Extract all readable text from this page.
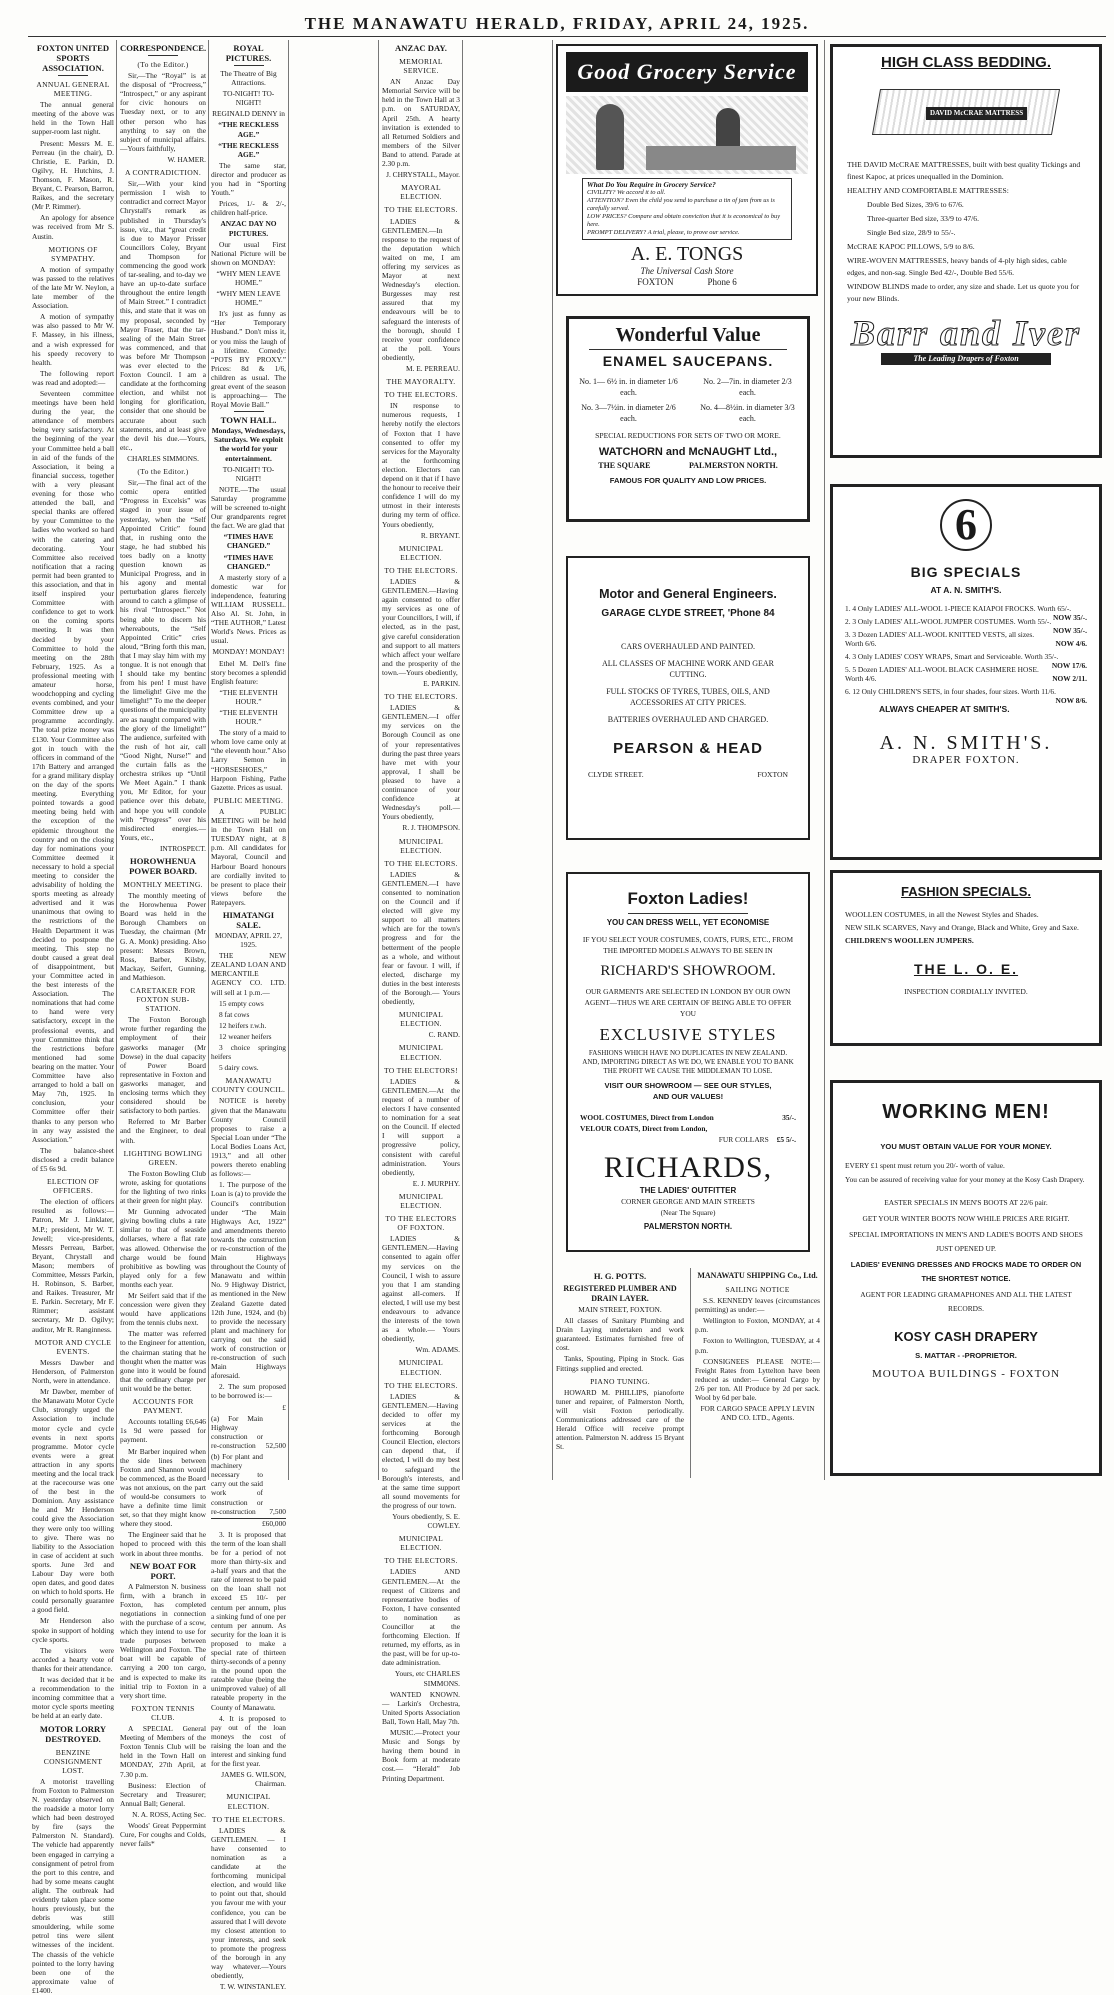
THE MANAWATU HERALD, FRIDAY, APRIL 24, 1925.
FOXTON UNITED SPORTS ASSOCIATION.
ANNUAL GENERAL MEETING.

The annual general meeting of the above was held in the Town Hall supper-room last night.

Present: Messrs M. E. Perreau (in the chair), D. Christie, E. Parkin, D. Ogilvy, H. Hutchins, J. Thomson, F. Mason, R. Bryant, C. Pearson, Barron, Raikes, and the secretary (Mr P. Rimmer).

An apology for absence was received from Mr S. Austin.

MOTIONS OF SYMPATHY.

A motion of sympathy was passed to the relatives of the late Mr W. Neylon, a late member of the Association.

A motion of sympathy was also passed to Mr W. F. Massey, in his illness, and a wish expressed for his speedy recovery to health.

The following report was read and adopted:—

Seventeen committee meetings have been held during the year, the attendance of members being very satisfactory. At the beginning of the year your Committee held a ball in aid of the funds of the Association, it being a financial success, together with a very pleasant evening for those who attended the ball, and special thanks are offered by your Committee to the ladies who worked so hard with the catering and decorating. Your Committee also received notification that a racing permit had been granted to this association, and that in itself inspired your Committee with confidence to get to work on the coming sports meeting. It was then decided by your Committee to hold the meeting on the 28th February, 1925. As a professional meeting with amateur horse, woodchopping and cycling events combined, and your Committee drew up a programme accordingly. The total prize money was £130. Your Committee also got in touch with the officers in command of the 17th Battery and arranged for a grand military display on the day of the sports meeting. Everything pointed towards a good meeting being held with the exception of the epidemic throughout the country and on the closing day for nominations your Committee deemed it necessary to hold a special meeting to consider the advisability of holding the sports meeting as already advertised and it was unanimous that owing to the restrictions of the Health Department it was decided to postpone the meeting. This step no doubt caused a great deal of disappointment, but your Committee acted in the best interests of the Association. The nominations that had come to hand were very satisfactory, except in the professional events, and your Committee think that the restrictions before mentioned had some bearing on the matter. Your Committee have also arranged to hold a ball on May 7th, 1925. In conclusion, your Committee offer their thanks to any person who in any way assisted the Association.”

The balance-sheet disclosed a credit balance of £5 6s 9d.

ELECTION OF OFFICERS.

The election of officers resulted as follows:—Patron, Mr J. Linklater, M.P.; president, Mr W. T. Jewell; vice-presidents, Messrs Perreau, Barber, Bryant, Chrystall and Mason; members of Committee, Messrs Parkin, H. Robinson, S. Barber, and Raikes. Treasurer, Mr E. Parkin. Secretary, Mr F. Rimmer; assistant secretary, Mr D. Ogilvy; auditor, Mr R. Ranginness.

MOTOR AND CYCLE EVENTS.

Messrs Dawber and Henderson, of Palmerston North, were in attendance.

Mr Dawber, member of the Manawatu Motor Cycle Club, strongly urged the Association to include motor cycle and cycle events in next sports programme. Motor cycle events were a great attraction in any sports meeting and the local track at the racecourse was one of the best in the Dominion. Any assistance he and Mr Henderson could give the Association they were only too willing to give. There was no liability to the Association in case of accident at such sports. June 3rd and Labour Day were both open dates, and good dates on which to hold sports. He could personally guarantee a good field.

Mr Henderson also spoke in support of holding cycle sports.

The visitors were accorded a hearty vote of thanks for their attendance.

It was decided that it be a recommendation to the incoming committee that a motor cycle sports meeting be held at an early date.

MOTOR LORRY DESTROYED.
BENZINE CONSIGNMENT LOST.

A motorist travelling from Foxton to Palmerston N. yesterday observed on the roadside a motor lorry which had been destroyed by fire (says the Palmerston N. Standard). The vehicle had apparently been engaged in carrying a consignment of petrol from the port to this centre, and had by some means caught alight. The outbreak had evidently taken place some hours previously, but the debris was still smouldering, while some petrol tins were silent witnesses of the incident. The chassis of the vehicle pointed to the lorry having been one of the approximate value of £1400.

CORRESPONDENCE.
(To the Editor.)

Sir,—The “Royal” is at the disposal of “Procreess,” “Introspect,” or any aspirant for civic honours on Tuesday next, or to any other person who has anything to say on the subject of municipal affairs.—Yours faithfully,

W. HAMER.

A CONTRADICTION.

Sir,—With your kind permission I wish to contradict and correct Mayor Chrystall's remark as published in Thursday's issue, viz., that “great credit is due to Mayor Prisser Councillors Coley, Bryant and Thompson for commencing the good work of tar-sealing, and to-day we have an up-to-date surface throughout the entire length of Main Street.” I contradict this, and state that it was on my proposal, seconded by Mayor Fraser, that the tar-sealing of the Main Street was commenced, and that was before Mr Thompson was ever elected to the Foxton Council. I am a candidate at the forthcoming election, and whilst not longing for glorification, consider that one should be accurate about such statements, and at least give the devil his due.—Yours, etc.,

CHARLES SIMMONS.

(To the Editor.)

Sir,—The final act of the comic opera entitled “Progress in Excelsis” was staged in your issue of yesterday, when the “Self Appointed Critic” found that, in rushing onto the stage, he had stubbed his toes badly on a knotty question known as Municipal Progress, and in his agony and mental perturbation glares fiercely around to catch a glimpse of his rival “Introspect.” Not being able to discern his whereabouts, the “Self Appointed Critic” cries aloud, “Bring forth this man, that I may slay him with my tongue. It is not enough that I should take my bentinc from his pen! I must have the limelight! Give me the limelight!” To me the deeper questions of the municipality are as naught compared with the glory of the limelight!” The audience, surfeited with the rush of hot air, call “Good Night, Nurse!” and the curtain falls as the orchestra strikes up “Until We Meet Again.” I thank you, Mr Editor, for your patience over this debate, and hope you will condole with “Progress” over his misdirected energies.—Yours, etc.,

INTROSPECT.

HOROWHENUA POWER BOARD.
MONTHLY MEETING.

The monthly meeting of the Horowhenua Power Board was held in the Borough Chambers on Tuesday, the chairman (Mr G. A. Monk) presiding. Also present: Messrs Brown, Ross, Barber, Kilsby, Mackay, Seifert, Gunning, and Mathieson.

CARETAKER FOR FOXTON SUB-STATION.

The Foxton Borough wrote further regarding the employment of their gasworks manager (Mr Dowse) in the dual capacity of Power Board representative in Foxton and gasworks manager, and enclosing terms which they considered should be satisfactory to both parties.

Referred to Mr Barber and the Engineer, to deal with.

LIGHTING BOWLING GREEN.

The Foxton Bowling Club wrote, asking for quotations for the lighting of two rinks at their green for night play.

Mr Gunning advocated giving bowling clubs a rate similar to that of seaside dollarses, where a flat rate was allowed. Otherwise the charge would be found prohibitive as bowling was played only for a few months each year.

Mr Seifert said that if the concession were given they would have applications from the tennis clubs next.

The matter was referred to the Engineer for attention, the chairman stating that he thought when the matter was gone into it would be found that the ordinary charge per unit would be the better.

ACCOUNTS FOR PAYMENT.

Accounts totalling £6,646 1s 9d were passed for payment.

Mr Barber inquired when the side lines between Foxton and Shannon would be commenced, as the Board was not anxious, on the part of would-be consumers to have a definite time limit set, so that they might know where they stood.

The Engineer said that he hoped to proceed with this work in about three months.

NEW BOAT FOR PORT.

A Palmerston N. business firm, with a branch in Foxton, has completed negotiations in connection with the purchase of a scow, which they intend to use for trade purposes between Wellington and Foxton. The boat will be capable of carrying a 200 ton cargo, and is expected to make its initial trip to Foxton in a very short time.

FOXTON TENNIS CLUB.

A SPECIAL General Meeting of Members of the Foxton Tennis Club will be held in the Town Hall on MONDAY, 27th April, at 7.30 p.m.

Business: Election of Secretary and Treasurer; Annual Ball; General.

N. A. ROSS, Acting Sec.

Woods' Great Peppermint Cure, For coughs and Colds, never fails*

ROYAL PICTURES.

The Theatre of Big Attractions.

TO-NIGHT! TO-NIGHT!

REGINALD DENNY in

“THE RECKLESS AGE.”

“THE RECKLESS AGE.”

The same star, director and producer as you had in “Sporting Youth.”

Prices, 1/- & 2/-, children half-price.

ANZAC DAY NO PICTURES.

Our usual First National Picture will be shown on MONDAY:

“WHY MEN LEAVE HOME.”

“WHY MEN LEAVE HOME.”

It's just as funny as “Her Temporary Husband.” Don't miss it, or you miss the laugh of a lifetime. Comedy: “POTS BY PROXY.” Prices: 8d & 1/6, children as usual. The great event of the season is approaching— The Royal Movie Ball.”

TOWN HALL.

Mondays, Wednesdays, Saturdays. We exploit the world for your entertainment.

TO-NIGHT! TO-NIGHT!

NOTE.—The usual Saturday programme will be screened to-night Our grandparents regret the fact. We are glad that

“TIMES HAVE CHANGED.”

“TIMES HAVE CHANGED.”

A masterly story of a domestic war for independence, featuring WILLIAM RUSSELL. Also Al. St. John, in “THE AUTHOR,” Latest World's News. Prices as usual.

MONDAY! MONDAY!

Ethel M. Dell's fine story becomes a splendid English feature:

“THE ELEVENTH HOUR.”

“THE ELEVENTH HOUR.”

The story of a maid to whom love came only at “the eleventh hour.” Also Larry Semon in “HORSESHOES,” Harpoon Fishing, Pathe Gazette. Prices as usual.

PUBLIC MEETING.

A PUBLIC MEETING will be held in the Town Hall on TUESDAY night, at 8 p.m. All candidates for Mayoral, Council and Harbour Board honours are cordially invited to be present to place their views before the Ratepayers.

HIMATANGI SALE.

MONDAY, APRIL 27, 1925.

THE NEW ZEALAND LOAN AND MERCANTILE AGENCY CO. LTD. will sell at 1 p.m.—

15 empty cows

8 fat cows

12 heifers r.w.h.

12 weaner heifers

3 choice springing heifers

5 dairy cows.

MANAWATU COUNTY COUNCIL.

NOTICE is hereby given that the Manawatu County Council proposes to raise a Special Loan under “The Local Bodies Loans Act, 1913,” and all other powers thereto enabling as follows:—

1. The purpose of the Loan is (a) to provide the Council's contribution under “The Main Highways Act, 1922” and amendments thereto towards the construction or re-construction of the Main Highways throughout the County of Manawatu and within No. 9 Highway District, as mentioned in the New Zealand Gazette dated 12th June, 1924, and (b) to provide the necessary plant and machinery for carrying out the said work of construction or re-construction of such Main Highways aforesaid.

2. The sum proposed to be borrowed is:—

£

(a) For Main Highway construction or re-construction	52,500
(b) For plant and machinery necessary to carry out the said work of construction or re-construction	7,500

£60,000

3. It is proposed that the term of the loan shall be for a period of not more than thirty-six and a-half years and that the rate of interest to be paid on the loan shall not exceed £5 10/- per centum per annum, plus a sinking fund of one per centum per annum. As security for the loan it is proposed to make a special rate of thirteen thirty-seconds of a penny in the pound upon the rateable value (being the unimproved value) of all rateable property in the County of Manawatu.

4. It is proposed to pay out of the loan moneys the cost of raising the loan and the interest and sinking fund for the first year.

JAMES G. WILSON, Chairman.

MUNICIPAL ELECTION.
TO THE ELECTORS.

LADIES & GENTLEMEN. — I have consented to nomination as a candidate at the forthcoming municipal election, and would like to point out that, should you favour me with your confidence, you can be assured that I will devote my closest attention to your interests, and seek to promote the progress of the borough in any way whatever.—Yours obediently,

T. W. WINSTANLEY.

ANZAC DAY.
MEMORIAL SERVICE.

AN Anzac Day Memorial Service will be held in the Town Hall at 3 p.m. on SATURDAY, April 25th. A hearty invitation is extended to all Returned Soldiers and members of the Silver Band to attend. Parade at 2.30 p.m.

J. CHRYSTALL, Mayor.

MAYORAL ELECTION.
TO THE ELECTORS.

LADIES & GENTLEMEN.—In response to the request of the deputation which waited on me, I am offering my services as Mayor at next Wednesday's election. Burgesses may rest assured that my endeavours will be to safeguard the interests of the borough, should I receive your confidence at the poll. Yours obediently,

M. E. PERREAU.

THE MAYORALTY.
TO THE ELECTORS.

IN response to numerous requests, I hereby notify the electors of Foxton that I have consented to offer my services for the Mayoralty at the forthcoming election. Electors can depend on it that if I have the honour to receive their confidence I will do my utmost in their interests during my term of office. Yours obediently,

R. BRYANT.

MUNICIPAL ELECTION.
TO THE ELECTORS.

LADIES & GENTLEMEN.—Having again consented to offer my services as one of your Councillors, I will, if elected, as in the past, give careful consideration and support to all matters which affect your welfare and the prosperity of the town.—Yours obediently,

E. PARKIN.

TO THE ELECTORS.

LADIES & GENTLEMEN.—I offer my services on the Borough Council as one of your representatives during the past three years have met with your approval, I shall be pleased to have a continuance of your confidence at Wednesday's poll.— Yours obediently,

R. J. THOMPSON.

MUNICIPAL ELECTION.
TO THE ELECTORS.

LADIES & GENTLEMEN.—I have consented to nomination on the Council and if elected will give my support to all matters which are for the town's progress and for the betterment of the people as a whole, and without fear or favour. I will, if elected, discharge my duties in the best interests of the Borough.— Yours obediently,

MUNICIPAL ELECTION.

C. RAND.

MUNICIPAL ELECTION.
TO THE ELECTORS!

LADIES & GENTLEMEN.—At the request of a number of electors I have consented to nomination for a seat on the Council. If elected I will support a progressive policy, consistent with careful administration. Yours obediently,

E. J. MURPHY.

MUNICIPAL ELECTION.
TO THE ELECTORS OF FOXTON.

LADIES & GENTLEMEN.—Having consented to again offer my services on the Council, I wish to assure you that I am standing against all-comers. If elected, I will use my best endeavours to advance the interests of the town as a whole.— Yours obediently,

Wm. ADAMS.

MUNICIPAL ELECTION.
TO THE ELECTORS.

LADIES & GENTLEMEN.—Having decided to offer my services at the forthcoming Borough Council Election, electors can depend that, if elected, I will do my best to safeguard the Borough's interests, and at the same time support all sound movements for the progress of our town.

Yours obediently, S. E. COWLEY.

MUNICIPAL ELECTION.
TO THE ELECTORS.

LADIES AND GENTLEMEN.—At the request of Citizens and representative bodies of Foxton, I have consented to nomination as Councillor at the forthcoming Election. If returned, my efforts, as in the past, will be for up-to-date administration.

Yours, etc CHARLES SIMMONS.

WANTED KNOWN. — Larkin's Orchestra, United Sports Association Ball, Town Hall, May 7th.

MUSIC.—Protect your Music and Songs by having them bound in Book form at moderate cost.— “Herald” Job Printing Department.

Good Grocery Service
What Do You Require in Grocery Service?
CIVILITY? We accord it to all.
ATTENTION? Even the child you send to purchase a tin of jam from us is carefully served.
LOW PRICES? Compare and obtain conviction that it is economical to buy here.
PROMPT DELIVERY? A trial, please, to prove our service.
A. E. TONGS
The Universal Cash Store
FOXTON	Phone 6
Wonderful Value
ENAMEL SAUCEPANS.
No. 1— 6½ in. in diameter 1/6 each.
No. 2—7in. in diameter 2/3 each.
No. 3—7½in. in diameter 2/6 each.
No. 4—8½in. in diameter 3/3 each.

SPECIAL REDUCTIONS FOR SETS OF TWO OR MORE.

WATCHORN and McNAUGHT Ltd.,
THE SQUARE	PALMERSTON NORTH.
FAMOUS FOR QUALITY AND LOW PRICES.
Motor and General Engineers.
GARAGE CLYDE STREET, 'Phone 84

CARS OVERHAULED AND PAINTED.

ALL CLASSES OF MACHINE WORK AND GEAR CUTTING.

FULL STOCKS OF TYRES, TUBES, OILS, AND ACCESSORIES AT CITY PRICES.

BATTERIES OVERHAULED AND CHARGED.

PEARSON & HEAD
CLYDE STREET.	FOXTON
Foxton Ladies!
YOU CAN DRESS WELL, YET ECONOMISE

IF YOU SELECT YOUR COSTUMES, COATS, FURS, ETC., FROM THE IMPORTED MODELS ALWAYS TO BE SEEN IN

RICHARD'S SHOWROOM.

OUR GARMENTS ARE SELECTED IN LONDON BY OUR OWN AGENT—THUS WE ARE CERTAIN OF BEING ABLE TO OFFER YOU

EXCLUSIVE STYLES

FASHIONS WHICH HAVE NO DUPLICATES IN NEW ZEALAND. AND, IMPORTING DIRECT AS WE DO, WE ENABLE YOU TO BANK THE PROFIT WE CAUSE THE MIDDLEMAN TO LOSE.

VISIT OUR SHOWROOM — SEE OUR STYLES, AND OUR VALUES!
WOOL COSTUMES, Direct from London	35/-.
VELOUR COATS, Direct from London,
FUR COLLARS £5 5/-.
RICHARDS,
THE LADIES' OUTFITTER
CORNER GEORGE AND MAIN STREETS
(Near The Square)
PALMERSTON NORTH.
H. G. POTTS.
REGISTERED PLUMBER AND DRAIN LAYER.

MAIN STREET, FOXTON.

All classes of Sanitary Plumbing and Drain Laying undertaken and work guaranteed. Estimates furnished free of cost.

Tanks, Spouting, Piping in Stock. Gas Fittings supplied and erected.

PIANO TUNING.

HOWARD M. PHILLIPS, pianoforte tuner and repairer, of Palmerston North, will visit Foxton periodically. Communications addressed care of the Herald Office will receive prompt attention. Palmerston N. address 15 Bryant St.

MANAWATU SHIPPING Co., Ltd.
SAILING NOTICE

S.S. KENNEDY leaves (circumstances permitting) as under:—

Wellington to Foxton, MONDAY, at 4 p.m.

Foxton to Wellington, TUESDAY, at 4 p.m.

CONSIGNEES PLEASE NOTE:— Freight Rates from Lyttelton have been reduced as under:— General Cargo by 2/6 per ton. All Produce by 2d per sack. Wool by 6d per bale.

FOR CARGO SPACE APPLY LEVIN AND CO. LTD., Agents.

HIGH CLASS BEDDING.
DAVID McCRAE MATTRESS

THE DAVID McCRAE MATTRESSES, built with best quality Tickings and finest Kapoc, at prices unequalled in the Dominion.

HEALTHY AND COMFORTABLE MATTRESSES:

Double Bed Sizes, 39/6 to 67/6.

Three-quarter Bed size, 33/9 to 47/6.

Single Bed size, 28/9 to 55/-.

McCRAE KAPOC PILLOWS, 5/9 to 8/6.

WIRE-WOVEN MATTRESSES, heavy bands of 4-ply high sides, cable edges, and non-sag. Single Bed 42/-, Double Bed 55/6.

WINDOW BLINDS made to order, any size and shade. Let us quote you for your new Blinds.

Barr and Iver
The Leading Drapers of Foxton
6
BIG SPECIALS
AT A. N. SMITH'S.
1. 4 Only LADIES' ALL-WOOL 1-PIECE KAIAPOI FROCKS. Worth 65/-.
NOW 35/-.
2. 3 Only LADIES' ALL-WOOL JUMPER COSTUMES. Worth 55/-.
NOW 35/-.
3. 3 Dozen LADIES' ALL-WOOL KNITTED VESTS, all sizes. Worth 6/6.	NOW 4/6.
4. 3 Only LADIES' COSY WRAPS, Smart and Serviceable. Worth 35/-.
NOW 17/6.
5. 5 Dozen LADIES' ALL-WOOL BLACK CASHMERE HOSE. Worth 4/6.	NOW 2/11.
6. 12 Only CHILDREN'S SETS, in four shades, four sizes. Worth 11/6.
NOW 8/6.
ALWAYS CHEAPER AT SMITH'S.
A. N. SMITH'S.
DRAPER FOXTON.
FASHION SPECIALS.

WOOLLEN COSTUMES, in all the Newest Styles and Shades.

NEW SILK SCARVES, Navy and Orange, Black and White, Grey and Saxe.

CHILDREN'S WOOLLEN JUMPERS.

THE L. O. E.
INSPECTION CORDIALLY INVITED.
WORKING MEN!
YOU MUST OBTAIN VALUE FOR YOUR MONEY.

EVERY £1 spent must return you 20/- worth of value.

You can be assured of receiving value for your money at the Kosy Cash Drapery.

EASTER SPECIALS IN MEN'S BOOTS AT 22/6 pair.

GET YOUR WINTER BOOTS NOW WHILE PRICES ARE RIGHT.

SPECIAL IMPORTATIONS IN MEN'S AND LADIE'S BOOTS AND SHOES JUST OPENED UP.

LADIES' EVENING DRESSES AND FROCKS MADE TO ORDER ON THE SHORTEST NOTICE.

AGENT FOR LEADING GRAMAPHONES AND ALL THE LATEST RECORDS.

KOSY CASH DRAPERY
S. MATTAR - -PROPRIETOR.
MOUTOA BUILDINGS - FOXTON
